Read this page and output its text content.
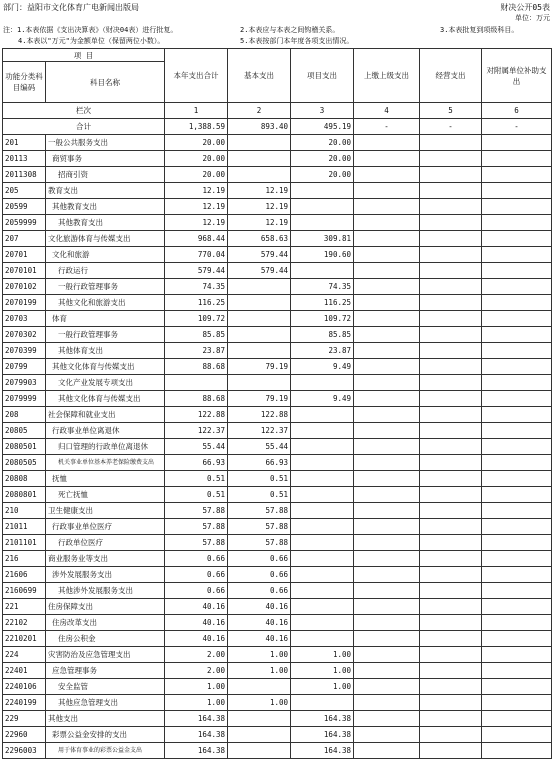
部门：益阳市文化体育广电新闻出版局	财决公开05表
单位：万元
注：1.本表依据《支出决算表》（财决04表）进行批复。	2.本表应与本表之间钩稽关系。	3.本表批复到项级科目。
4.本表以"万元"为金额单位（保留两位小数）。	5.本表按部门本年度各项支出情况。
项 目		本年支出合计	基本支出	项目支出	上缴上级支出	经营支出	对附属单位补助支出
功能分类科目编码	科目名称						
栏次		1	2	3	4	5	6
合计		1,388.59	893.40	495.19	-	-	-
201	一般公共服务支出	20.00		20.00			
20113	商贸事务	20.00		20.00			
2011308	招商引资	20.00		20.00			
205	教育支出	12.19	12.19				
20599	其他教育支出	12.19	12.19				
2059999	其他教育支出	12.19	12.19				
207	文化旅游体育与传媒支出	968.44	658.63	309.81			
20701	文化和旅游	770.04	579.44	190.60			
2070101	行政运行	579.44	579.44				
2070102	一般行政管理事务	74.35		74.35			
2070199	其他文化和旅游支出	116.25		116.25			
20703	体育	109.72		109.72			
2070302	一般行政管理事务	85.85		85.85			
2070399	其他体育支出	23.87		23.87			
20799	其他文化体育与传媒支出	88.68	79.19	9.49			
2079903	文化产业发展专项支出						
2079999	其他文化体育与传媒支出	88.68	79.19	9.49			
208	社会保障和就业支出	122.88	122.88				
20805	行政事业单位离退休	122.37	122.37				
2080501	归口管理的行政单位离退休	55.44	55.44				
2080505	机关事业单位基本养老保险缴费支出	66.93	66.93				
20808	抚恤	0.51	0.51				
2080801	死亡抚恤	0.51	0.51				
210	卫生健康支出	57.88	57.88				
21011	行政事业单位医疗	57.88	57.88				
2101101	行政单位医疗	57.88	57.88				
216	商业服务业等支出	0.66	0.66				
21606	涉外发展服务支出	0.66	0.66				
2160699	其他涉外发展服务支出	0.66	0.66				
221	住房保障支出	40.16	40.16				
22102	住房改革支出	40.16	40.16				
2210201	住房公积金	40.16	40.16				
224	灾害防治及应急管理支出	2.00	1.00	1.00			
22401	应急管理事务	2.00	1.00	1.00			
2240106	安全监管	1.00		1.00			
2240199	其他应急管理支出	1.00	1.00				
229	其他支出	164.38		164.38			
22960	彩票公益金安排的支出	164.38		164.38			
2296003	用于体育事业的彩票公益金支出	164.38		164.38			
